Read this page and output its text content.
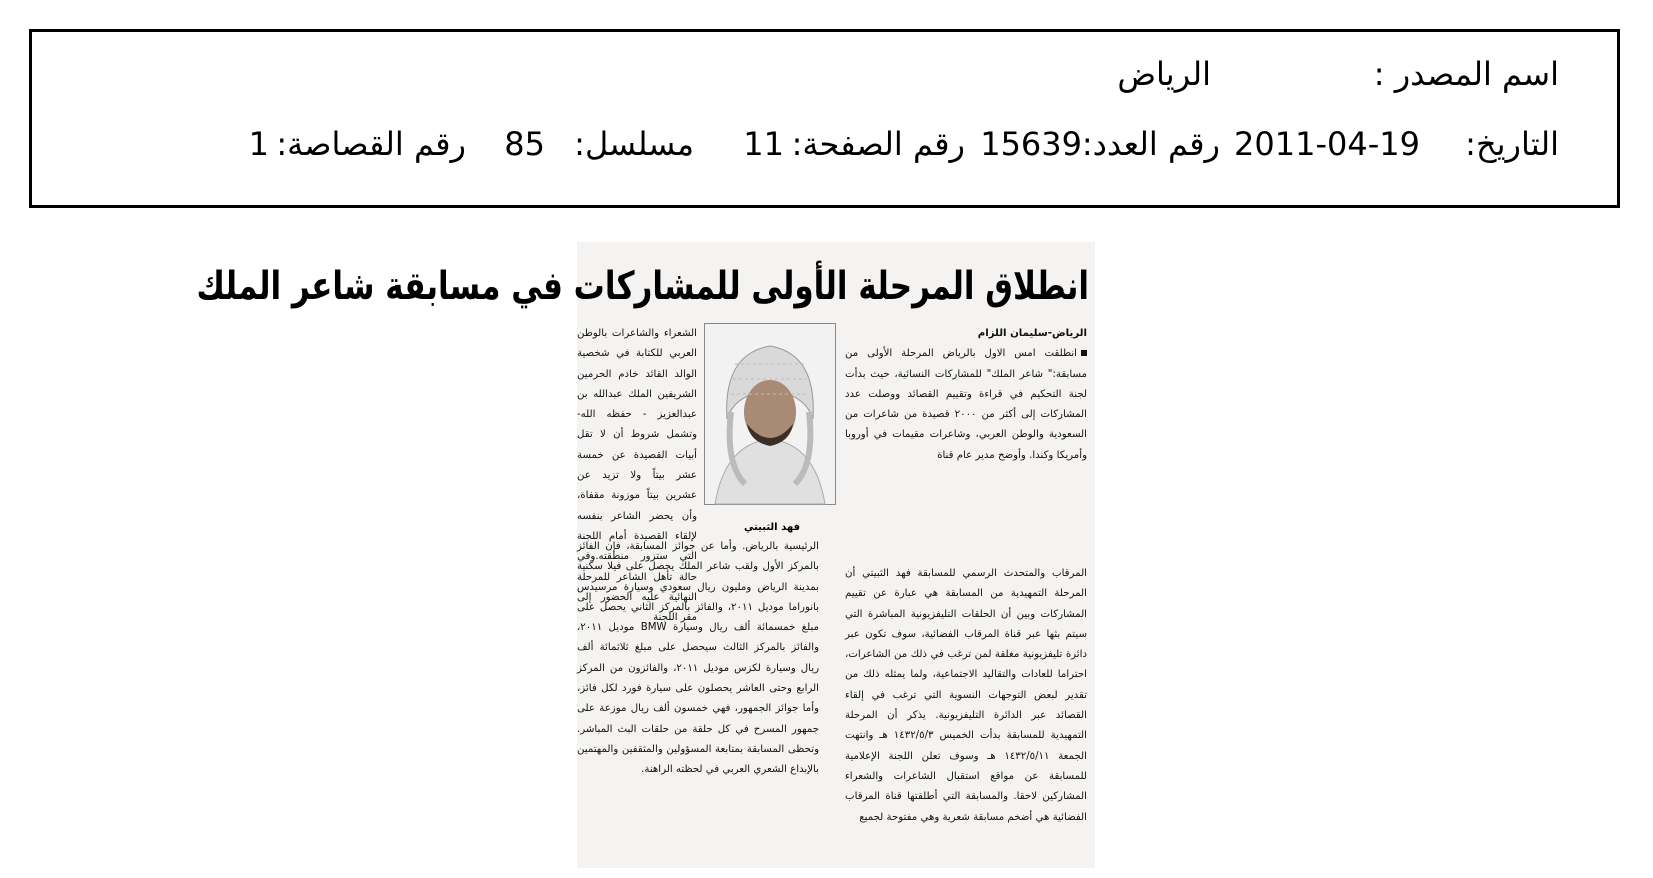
اسم المصدر :
الرياض
التاريخ:
2011-04-19
رقم العدد:
15639
رقم الصفحة:
11
مسلسل:
85
رقم القصاصة:
1
انطلاق المرحلة الأولى للمشاركات في مسابقة شاعر الملك
الرياض-سليمان اللزام
انطلقت امس الاول بالرياض المرحلة الأولى من مسابقة:" شاعر الملك" للمشاركات النسائية، حيث بدأت لجنة التحكيم في قراءة وتقييم القصائد ووصلت عدد المشاركات إلى أكثر من ٢٠٠٠ قصيدة من شاعرات من السعودية والوطن العربي، وشاعرات مقيمات في أوروبا وأمريكا وكندا. وأوضح مدير عام قناة
فهد الثبيتي
الشعراء والشاعرات بالوطن العربي للكتابة في شخصية الوالد القائد خادم الحرمين الشريفين الملك عبدالله بن عبدالعزيز - حفظه الله- وتشمل شروط أن لا تقل أبيات القصيدة عن خمسة عشر بيتاً ولا تزيد عن عشرين بيتاً موزونة مقفاة، وأن يحضر الشاعر بنفسه لإلقاء القصيدة أمام اللجنة التي ستزور منطقته.وفي حالة تأهل الشاعر للمرحلة النهائية عليه الحضور إلى مقر اللجنة
المرقاب والمتحدث الرسمي للمسابقة فهد الثبيتي أن المرحلة التمهيدية من المسابقة هي عبارة عن تقييم المشاركات وبين أن الحلقات التليفزيونية المباشرة التي سيتم بثها عبر قناة المرقاب الفضائية، سوف تكون عبر دائرة تليفزيونية مغلقة لمن ترغب في ذلك من الشاعرات، احتراما للعادات والتقاليد الاجتماعية، ولما يمثله ذلك من تقدير لبعض التوجهات النسوية التي ترغب في إلقاء القصائد عبر الدائرة التليفزيونية. يذكر أن المرحلة التمهيدية للمسابقة بدأت الخميس ١٤٣٢/٥/٣ هـ وانتهت الجمعة ١٤٣٢/٥/١١ هـ وسوف تعلن اللجنة الإعلامية للمسابقة عن مواقع استقبال الشاعرات والشعراء المشاركين لاحقا. والمسابقة التي أطلقتها قناة المرقاب الفضائية هي أضخم مسابقة شعرية وهي مفتوحة لجميع
الرئيسية بالرياض. وأما عن جوائز المسابقة، فإن الفائز بالمركز الأول ولقب شاعر الملك يحصل على فيلا سكنية بمدينة الرياض ومليون ريال سعودي وسيارة مرسيدس بانوراما موديل ٢٠١١، والفائز بالمركز الثاني يحصل على مبلغ خمسمائة ألف ريال وسيارة BMW موديل ٢٠١١، والفائز بالمركز الثالث سيحصل على مبلغ ثلاثمائة ألف ريال وسيارة لكزس موديل ٢٠١١، والفائزون من المركز الرابع وحتى العاشر يحصلون على سيارة فورد لكل فائز، وأما جوائز الجمهور، فهي خمسون ألف ريال موزعة على جمهور المسرح في كل حلقة من حلقات البث المباشر. وتحظى المسابقة بمتابعة المسؤولين والمثقفين والمهتمين بالإبداع الشعري العربي في لحظته الراهنة.
